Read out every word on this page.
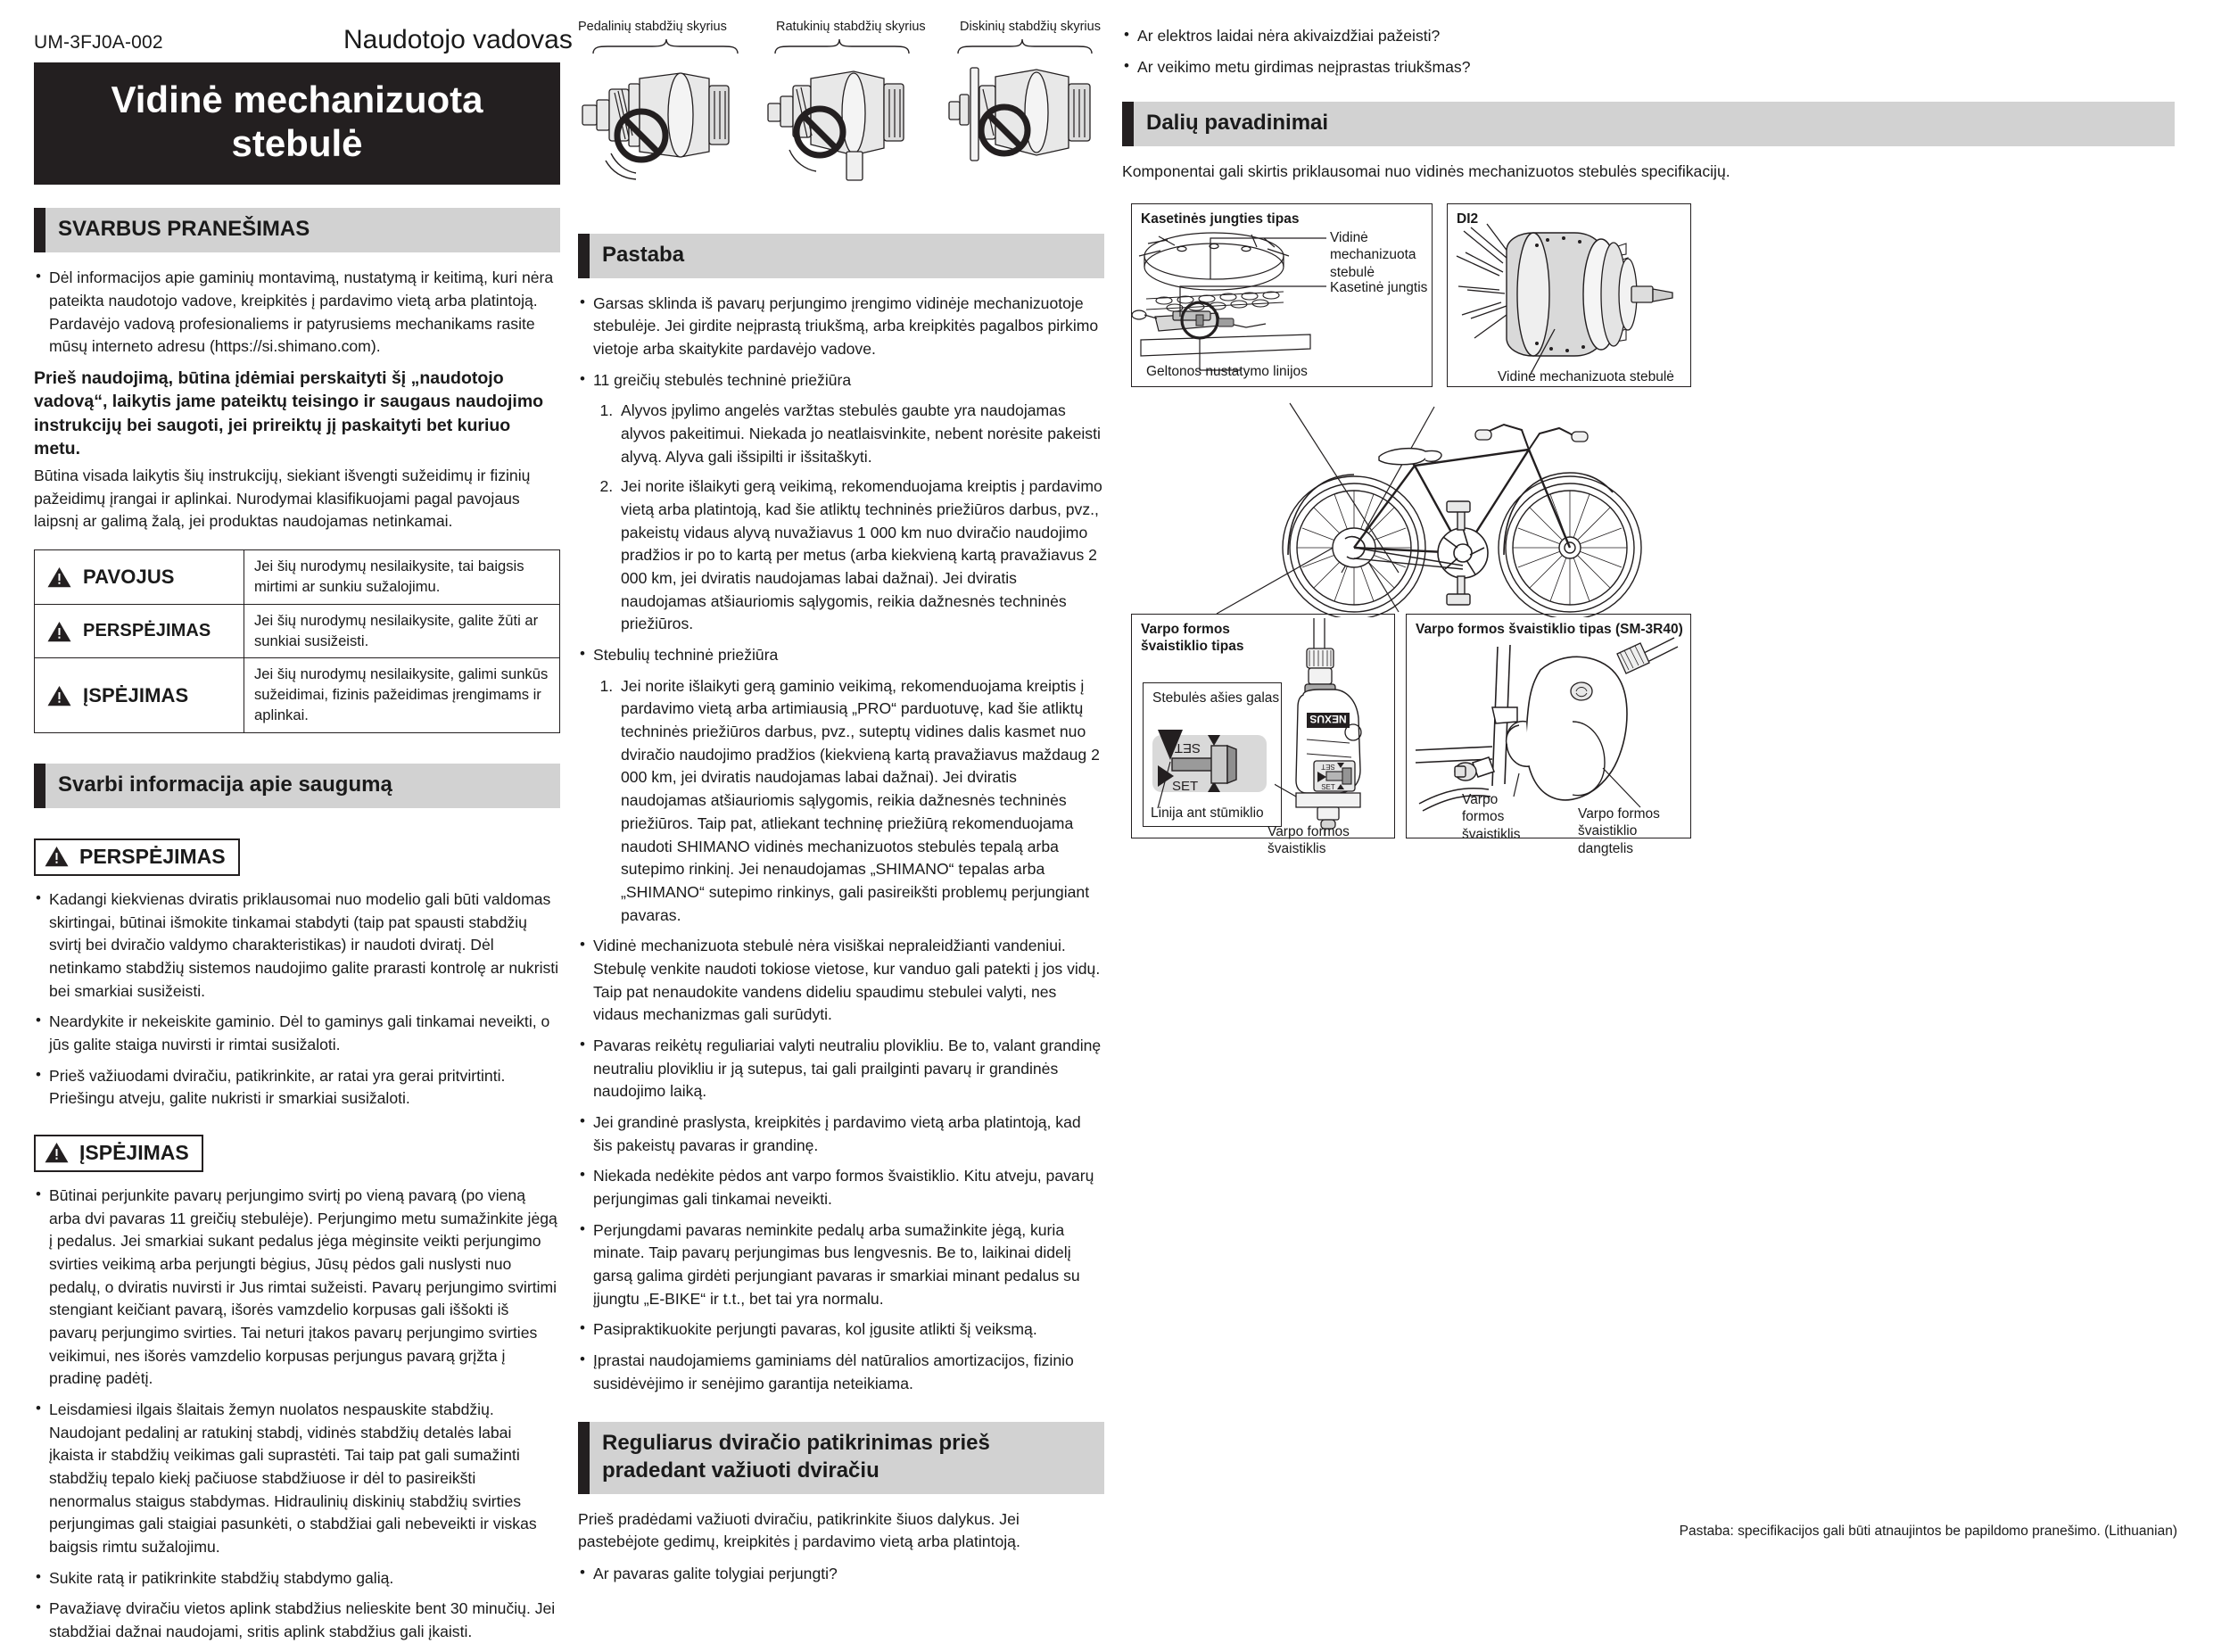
UM-3FJ0A-002	Naudotojo vadovas Pedalinių stabdžių skyrius	Ratukinių stabdžių skyrius	Diskinių stabdžių skyrius
Vidinė mechanizuota stebulė
SVARBUS PRANEŠIMAS
• Dėl informacijos apie gaminių montavimą, nustatymą ir keitimą, kuri nėra pateikta naudotojo vadove, kreipkitės į pardavimo vietą arba platintoją. Pardavėjo vadovą profesionaliems ir patyrusiems mechanikams rasite mūsų interneto adresu (https://si.shimano.com).

Prieš naudojimą, būtina įdėmiai perskaityti šį „naudotojo vadovą“, laikytis jame pateiktų teisingo ir saugaus naudojimo instrukcijų bei saugoti, jei prireiktų jį paskaityti bet kuriuo metu.

Būtina visada laikytis šių instrukcijų, siekiant išvengti sužeidimų ir fizinių pažeidimų įrangai ir aplinkai. Nurodymai klasifikuojami pagal pavojaus laipsnį ar galimą žalą, jei produktas naudojamas netinkamai.

PAVOJUS	Jei šių nurodymų nesilaikysite, tai baigsis mirtimi ar sunkiu sužalojimu.

PERSPĖJIMAS	Jei šių nurodymų nesilaikysite, galite žūti ar sunkiai susižeisti.

ĮSPĖJIMAS	Jei šių nurodymų nesilaikysite, galimi sunkūs sužeidimai, fizinis pažeidimas įrengimams ir aplinkai.
Svarbi informacija apie saugumą
PERSPĖJIMAS
• Kadangi kiekvienas dviratis priklausomai nuo modelio gali būti valdomas skirtingai, būtinai išmokite tinkamai stabdyti (taip pat spausti stabdžių svirtį bei dviračio valdymo charakteristikas) ir naudoti dviratį. Dėl netinkamo stabdžių sistemos naudojimo galite prarasti kontrolę ar nukristi bei smarkiai susižeisti.
• Neardykite ir nekeiskite gaminio. Dėl to gaminys gali tinkamai neveikti, o jūs galite staiga nuvirsti ir rimtai susižaloti.
• Prieš važiuodami dviračiu, patikrinkite, ar ratai yra gerai pritvirtinti. Priešingu atveju, galite nukristi ir smarkiai susižaloti.
ĮSPĖJIMAS
• Būtinai perjunkite pavarų perjungimo svirtį po vieną pavarą (po vieną arba dvi pavaras 11 greičių stebulėje). Perjungimo metu sumažinkite jėgą į pedalus. Jei smarkiai sukant pedalus jėga mėginsite veikti perjungimo svirties veikimą arba perjungti bėgius, Jūsų pėdos gali nuslysti nuo pedalų, o dviratis nuvirsti ir Jus rimtai sužeisti. Pavarų perjungimo svirtimi stengiant keičiant pavarą, išorės vamzdelio korpusas gali iššokti iš pavarų perjungimo svirties. Tai neturi įtakos pavarų perjungimo svirties veikimui, nes išorės vamzdelio korpusas perjungus pavarą grįžta į pradinę padėtį.
• Leisdamiesi ilgais šlaitais žemyn nuolatos nespauskite stabdžių. Naudojant pedalinį ar ratukinį stabdį, vidinės stabdžių detalės labai įkaista ir stabdžių veikimas gali suprastėti. Tai taip pat gali sumažinti stabdžių tepalo kiekį pačiuose stabdžiuose ir dėl to pasireikšti nenormalus staigus stabdymas. Hidraulinių diskinių stabdžių svirties perjungimas gali staigiai pasunkėti, o stabdžiai gali nebeveikti ir viskas baigsis rimtu sužalojimu.
• Sukite ratą ir patikrinkite stabdžių stabdymo galią.
• Pavažiavę dviračiu vietos aplink stabdžius nelieskite bent 30 minučių. Jei stabdžiai dažnai naudojami, sritis aplink stabdžius gali įkaisti.
Pastaba
• Garsas sklinda iš pavarų perjungimo įrengimo vidinėje mechanizuotoje stebulėje. Jei girdite neįprastą triukšmą, arba kreipkitės pagalbos pirkimo vietoje arba skaitykite pardavėjo vadove.
• 11 greičių stebulės techninė priežiūra
1. Alyvos įpylimo angelės varžtas stebulės gaubte yra naudojamas alyvos pakeitimui. Niekada jo neatlaisvinkite, nebent norėsite pakeisti alyvą. Alyva gali išsipilti ir išsitaškyti.
2. Jei norite išlaikyti gerą veikimą, rekomenduojama kreiptis į pardavimo vietą arba platintoją, kad šie atliktų techninės priežiūros darbus, pvz., pakeistų vidaus alyvą nuvažiavus 1 000 km nuo dviračio naudojimo pradžios ir po to kartą per metus (arba kiekvieną kartą pravažiavus 2 000 km, jei dviratis naudojamas labai dažnai). Jei dviratis naudojamas atšiauriomis sąlygomis, reikia dažnesnės techninės priežiūros.
• Stebulių techninė priežiūra
1. Jei norite išlaikyti gerą gaminio veikimą, rekomenduojama kreiptis į pardavimo vietą arba artimiausią „PRO“ parduotuvę, kad šie atliktų techninės priežiūros darbus, pvz., suteptų vidines dalis kasmet nuo dviračio naudojimo pradžios (kiekvieną kartą pravažiavus maždaug 2 000 km, jei dviratis naudojamas labai dažnai). Jei dviratis naudojamas atšiauriomis sąlygomis, reikia dažnesnės techninės priežiūros. Taip pat, atliekant techninę priežiūrą rekomenduojama naudoti SHIMANO vidinės mechanizuotos stebulės tepalą arba sutepimo rinkinį. Jei nenaudojamas „SHIMANO“ tepalas arba „SHIMANO“ sutepimo rinkinys, gali pasireikšti problemų perjungiant pavaras.
• Vidinė mechanizuota stebulė nėra visiškai nepraleidžianti vandeniui. Stebulę venkite naudoti tokiose vietose, kur vanduo gali patekti į jos vidų. Taip pat nenaudokite vandens dideliu spaudimu stebulei valyti, nes vidaus mechanizmas gali surūdyti.
• Pavaras reikėtų reguliariai valyti neutraliu plovikliu. Be to, valant grandinę neutraliu plovikliu ir ją sutepus, tai gali prailginti pavarų ir grandinės naudojimo laiką.
• Jei grandinė praslysta, kreipkitės į pardavimo vietą arba platintoją, kad šis pakeistų pavaras ir grandinę.
• Niekada nedėkite pėdos ant varpo formos švaistiklio. Kitu atveju, pavarų perjungimas gali tinkamai neveikti.
• Perjungdami pavaras neminkite pedalų arba sumažinkite jėgą, kuria minate. Taip pavarų perjungimas bus lengvesnis. Be to, laikinai didelį garsą galima girdėti perjungiant pavaras ir smarkiai minant pedalus su įjungtu „E-BIKE“ ir t.t., bet tai yra normalu.
• Pasipraktikuokite perjungti pavaras, kol įgusite atlikti šį veiksmą.
• Įprastai naudojamiems gaminiams dėl natūralios amortizacijos, fizinio susidėvėjimo ir senėjimo garantija neteikiama.
Reguliarus dviračio patikrinimas prieš pradedant važiuoti dviračiu

Prieš pradėdami važiuoti dviračiu, patikrinkite šiuos dalykus. Jei pastebėjote gedimų, kreipkitės į pardavimo vietą arba platintoją.

• Ar pavaras galite tolygiai perjungti?
• Ar elektros laidai nėra akivaizdžiai pažeisti?
• Ar veikimo metu girdimas neįprastas triukšmas?
Dalių pavadinimai

Komponentai gali skirtis priklausomai nuo vidinės mechanizuotos stebulės specifikacijų.

Kasetinės jungties tipas
Vidinė mechanizuota stebulė
Kasetinė jungtis
Geltonos nustatymo linijos
DI2
Vidinė mechanizuota stebulė
Varpo formos švaistiklio tipas
Stebulės ašies galas
SET
SET
Linija ant stūmiklio
NEXUS
SET
SET
Varpo formos švaistiklis
Varpo formos švaistiklio tipas (SM-3R40)
Varpo formos švaistiklis
Varpo formos švaistiklio dangtelis
Pastaba: specifikacijos gali būti atnaujintos be papildomo pranešimo. (Lithuanian)
